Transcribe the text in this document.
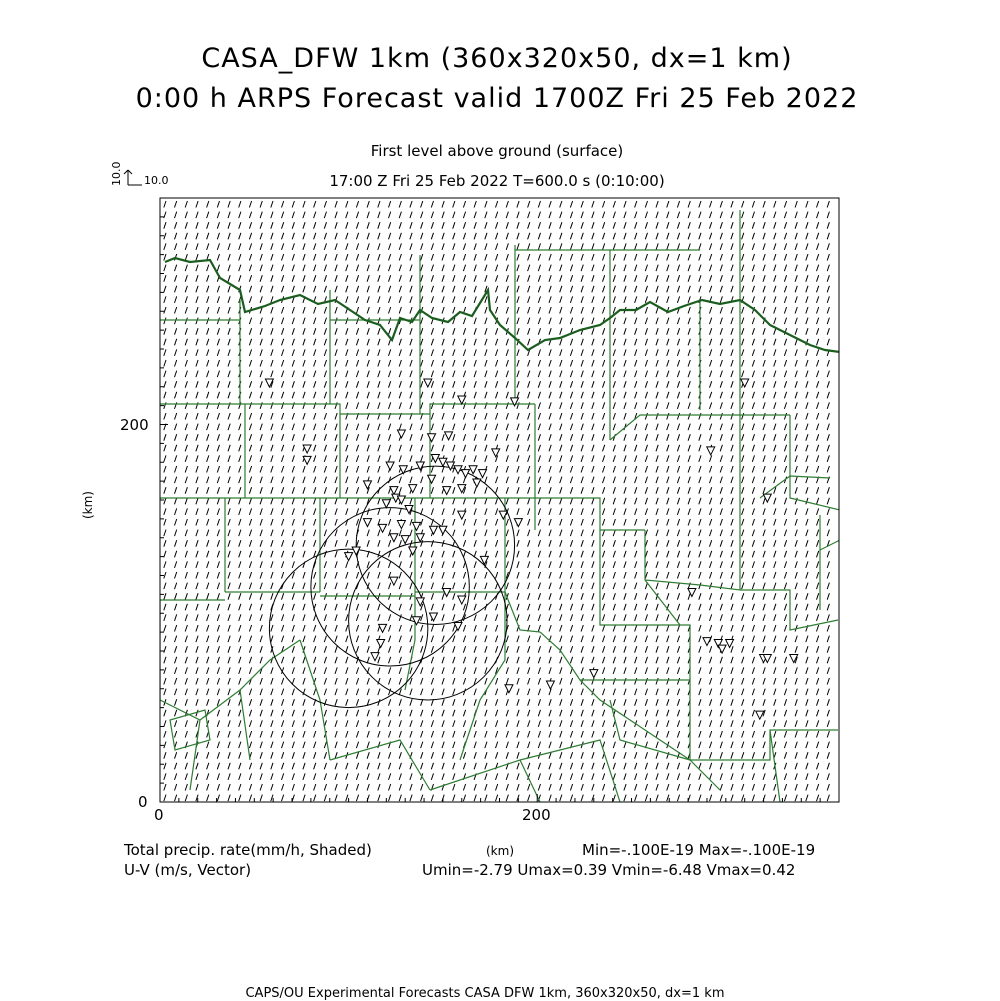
CASA_DFW 1km (360x320x50, dx=1 km)
0:00 h ARPS Forecast valid 1700Z Fri 25 Feb 2022
First level above ground (surface)
17:00 Z Fri 25 Feb 2022 T=600.0 s (0:10:00)
10.0 10.0
200
0
0	200
(km)
(km)
Total precip. rate(mm/h, Shaded)	Min=-.100E-19 Max=-.100E-19
U-V (m/s, Vector)	Umin=-2.79 Umax=0.39 Vmin=-6.48 Vmax=0.42
CAPS/OU Experimental Forecasts CASA DFW 1km, 360x320x50, dx=1 km
